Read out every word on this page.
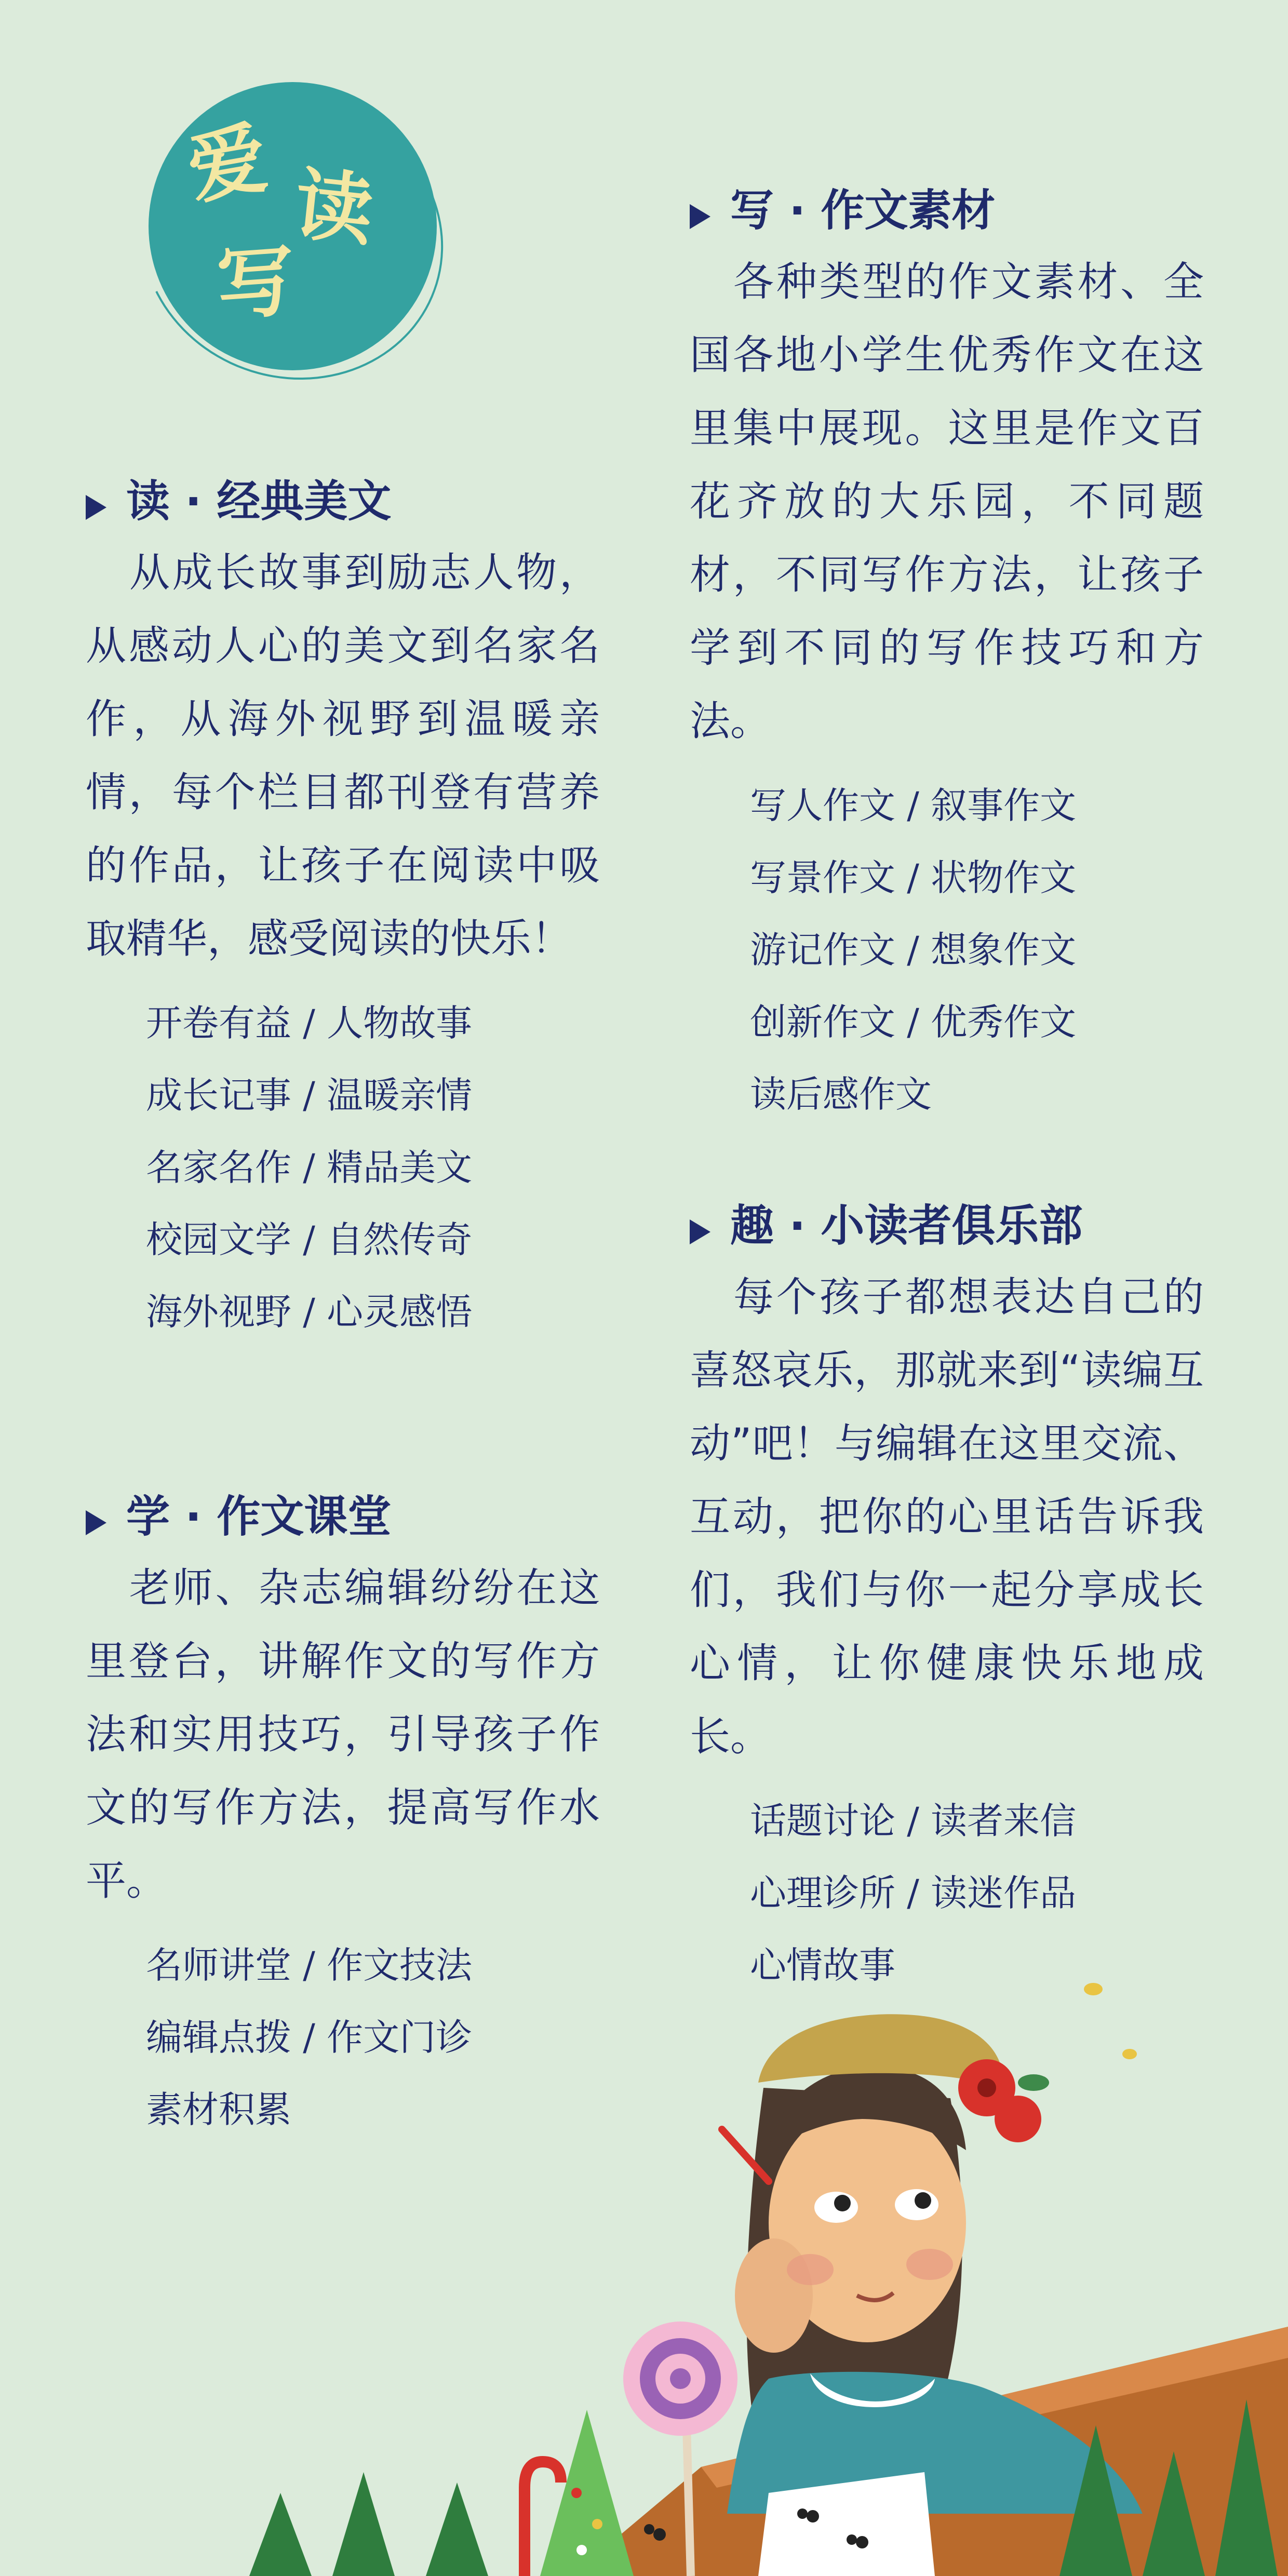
爱 读
写
读 · 经典美文

从成长故事到励志人物，从感动人心的美文到名家名作，从海外视野到温暖亲情，每个栏目都刊登有营养的作品，让孩子在阅读中吸取精华，感受阅读的快乐！

开卷有益 / 人物故事
成长记事 / 温暖亲情
名家名作 / 精品美文
校园文学 / 自然传奇
海外视野 / 心灵感悟
学 · 作文课堂

老师、杂志编辑纷纷在这里登台，讲解作文的写作方法和实用技巧，引导孩子作文的写作方法，提高写作水平。

名师讲堂 / 作文技法
编辑点拨 / 作文门诊
素材积累
写 · 作文素材

各种类型的作文素材、全国各地小学生优秀作文在这里集中展现。这里是作文百花齐放的大乐园，不同题材，不同写作方法，让孩子学到不同的写作技巧和方法。

写人作文 / 叙事作文
写景作文 / 状物作文
游记作文 / 想象作文
创新作文 / 优秀作文
读后感作文
趣 · 小读者俱乐部

每个孩子都想表达自己的喜怒哀乐，那就来到“读编互动”吧！与编辑在这里交流、互动，把你的心里话告诉我们，我们与你一起分享成长心情，让你健康快乐地成长。

话题讨论 / 读者来信
心理诊所 / 读迷作品
心情故事
